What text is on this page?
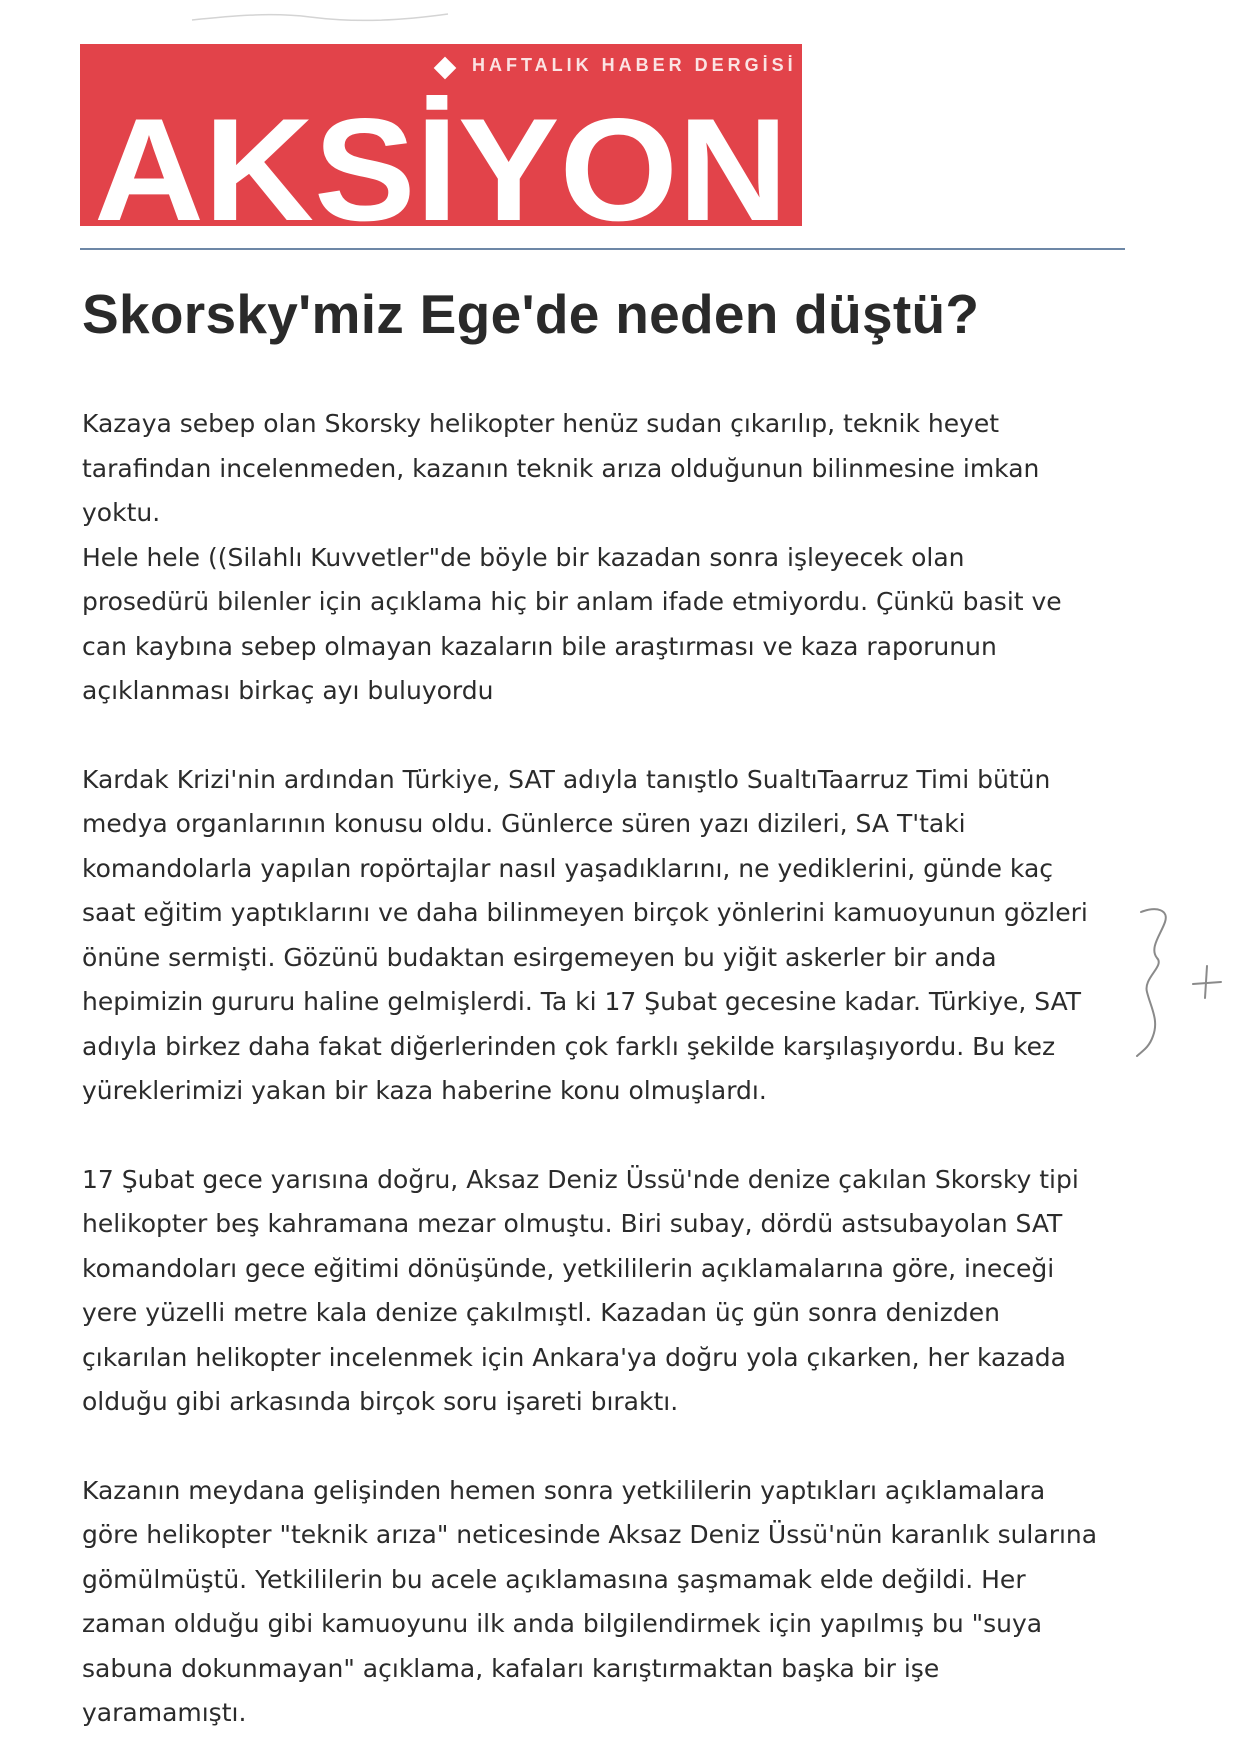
HAFTALIK HABER DERGİSİ
AKSİYON
Skorsky'miz Ege'de neden düştü?

Kazaya sebep olan Skorsky helikopter henüz sudan çıkarılıp, teknik heyet
tarafindan incelenmeden, kazanın teknik arıza olduğunun bilinmesine imkan
yoktu.
Hele hele ((Silahlı Kuvvetler"de böyle bir kazadan sonra işleyecek olan
prosedürü bilenler için açıklama hiç bir anlam ifade etmiyordu. Çünkü basit ve
can kaybına sebep olmayan kazaların bile araştırması ve kaza raporunun
açıklanması birkaç ayı buluyordu

Kardak Krizi'nin ardından Türkiye, SAT adıyla tanıştlo SualtıTaarruz Timi bütün
medya organlarının konusu oldu. Günlerce süren yazı dizileri, SA T'taki
komandolarla yapılan ropörtajlar nasıl yaşadıklarını, ne yediklerini, günde kaç
saat eğitim yaptıklarını ve daha bilinmeyen birçok yönlerini kamuoyunun gözleri
önüne sermişti. Gözünü budaktan esirgemeyen bu yiğit askerler bir anda
hepimizin gururu haline gelmişlerdi. Ta ki 17 Şubat gecesine kadar. Türkiye, SAT
adıyla birkez daha fakat diğerlerinden çok farklı şekilde karşılaşıyordu. Bu kez
yüreklerimizi yakan bir kaza haberine konu olmuşlardı.

17 Şubat gece yarısına doğru, Aksaz Deniz Üssü'nde denize çakılan Skorsky tipi
helikopter beş kahramana mezar olmuştu. Biri subay, dördü astsubayolan SAT
komandoları gece eğitimi dönüşünde, yetkililerin açıklamalarına göre, ineceği
yere yüzelli metre kala denize çakılmıştl. Kazadan üç gün sonra denizden
çıkarılan helikopter incelenmek için Ankara'ya doğru yola çıkarken, her kazada
olduğu gibi arkasında birçok soru işareti bıraktı.

Kazanın meydana gelişinden hemen sonra yetkililerin yaptıkları açıklamalara
göre helikopter "teknik arıza" neticesinde Aksaz Deniz Üssü'nün karanlık sularına
gömülmüştü. Yetkililerin bu acele açıklamasına şaşmamak elde değildi. Her
zaman olduğu gibi kamuoyunu ilk anda bilgilendirmek için yapılmış bu "suya
sabuna dokunmayan" açıklama, kafaları karıştırmaktan başka bir işe
yaramamıştı.
